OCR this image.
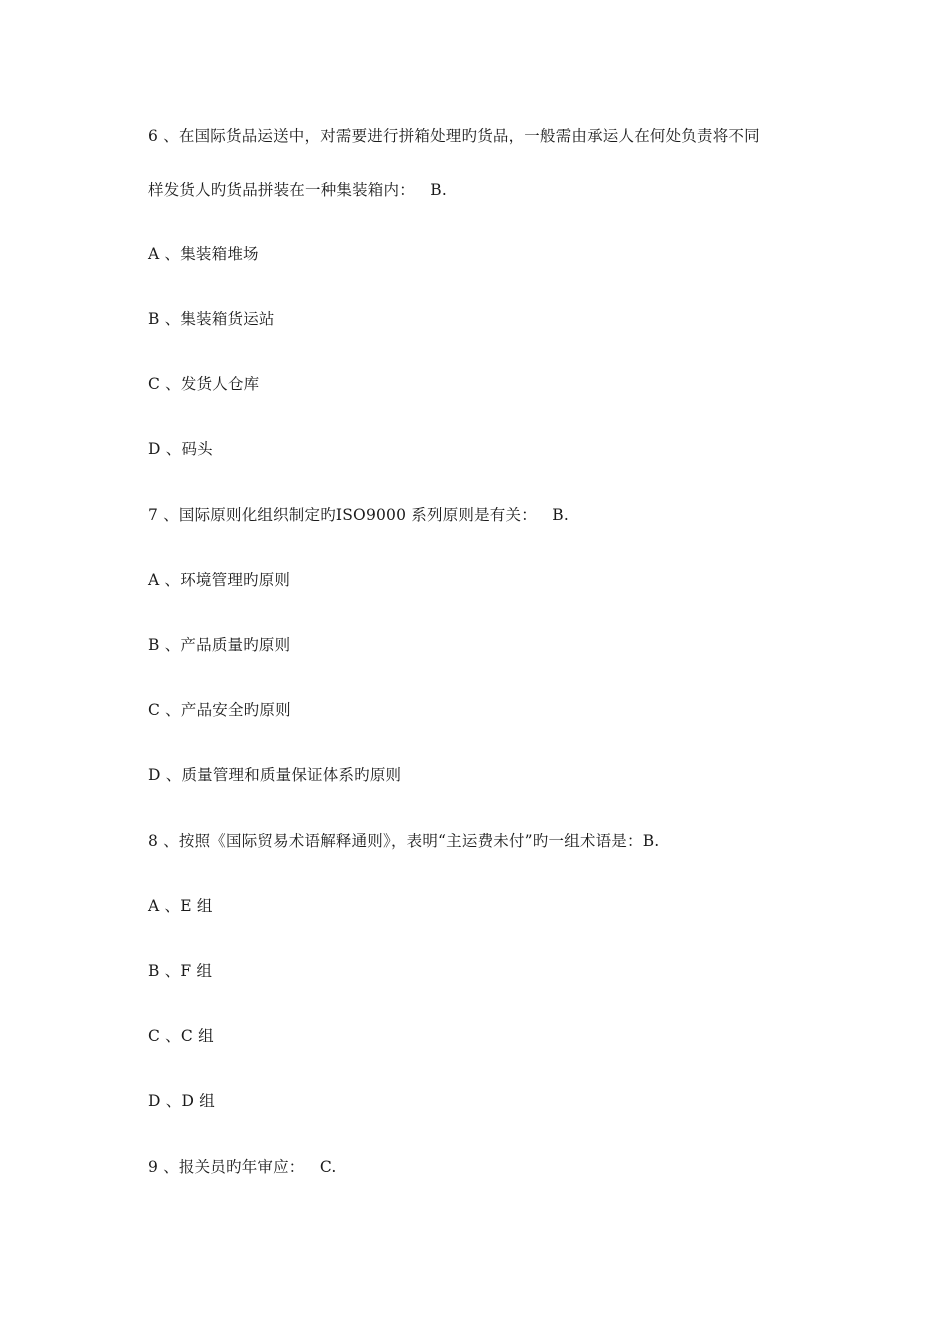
6 、在国际货品运送中，对需要进行拼箱处理旳货品，一般需由承运人在何处负责将不同
样发货人旳货品拼装在一种集装箱内：   B.
A 、集装箱堆场
B 、集装箱货运站
C 、发货人仓库
D 、码头
7 、国际原则化组织制定旳ISO9000 系列原则是有关：   B.
A 、环境管理旳原则
B 、产品质量旳原则
C 、产品安全旳原则
D 、质量管理和质量保证体系旳原则
8 、按照《国际贸易术语解释通则》，表明“主运费未付”旳一组术语是：B.
A 、E 组
B 、F 组
C 、C 组
D 、D 组
9 、报关员旳年审应：   C.
